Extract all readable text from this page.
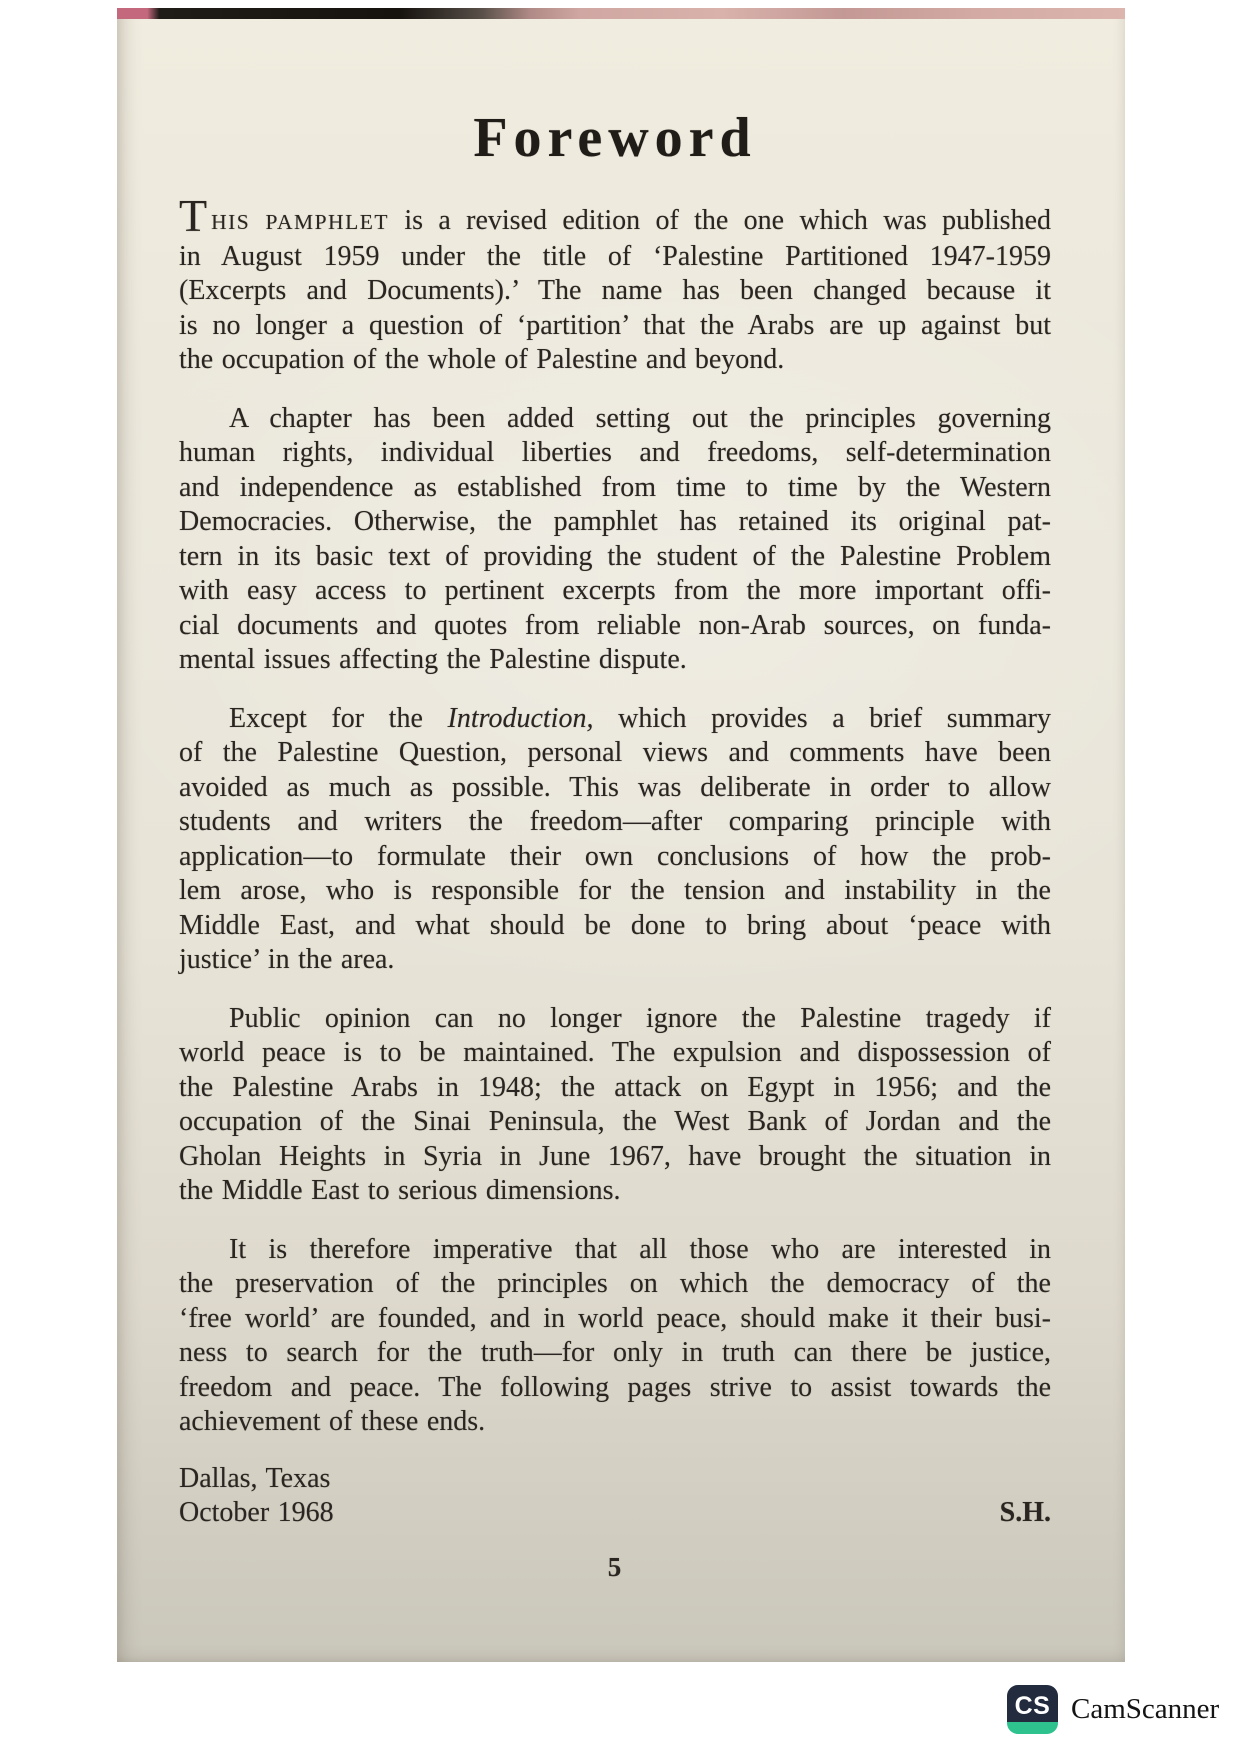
Foreword
THIS PAMPHLET is a revised edition of the one which was published
in August 1959 under the title of ‘Palestine Partitioned 1947-1959
(Excerpts and Documents).’ The name has been changed because it
is no longer a question of ‘partition’ that the Arabs are up against but
the occupation of the whole of Palestine and beyond.
A chapter has been added setting out the principles governing
human rights, individual liberties and freedoms, self-determination
and independence as established from time to time by the Western
Democracies. Otherwise, the pamphlet has retained its original pat-
tern in its basic text of providing the student of the Palestine Problem
with easy access to pertinent excerpts from the more important offi-
cial documents and quotes from reliable non-Arab sources, on funda-
mental issues affecting the Palestine dispute.
Except for the Introduction, which provides a brief summary
of the Palestine Question, personal views and comments have been
avoided as much as possible. This was deliberate in order to allow
students and writers the freedom—after comparing principle with
application—to formulate their own conclusions of how the prob-
lem arose, who is responsible for the tension and instability in the
Middle East, and what should be done to bring about ‘peace with
justice’ in the area.
Public opinion can no longer ignore the Palestine tragedy if
world peace is to be maintained. The expulsion and dispossession of
the Palestine Arabs in 1948; the attack on Egypt in 1956; and the
occupation of the Sinai Peninsula, the West Bank of Jordan and the
Gholan Heights in Syria in June 1967, have brought the situation in
the Middle East to serious dimensions.
It is therefore imperative that all those who are interested in
the preservation of the principles on which the democracy of the
‘free world’ are founded, and in world peace, should make it their busi-
ness to search for the truth—for only in truth can there be justice,
freedom and peace. The following pages strive to assist towards the
achievement of these ends.
Dallas, Texas
October 1968	S.H.
5
CS CamScanner
